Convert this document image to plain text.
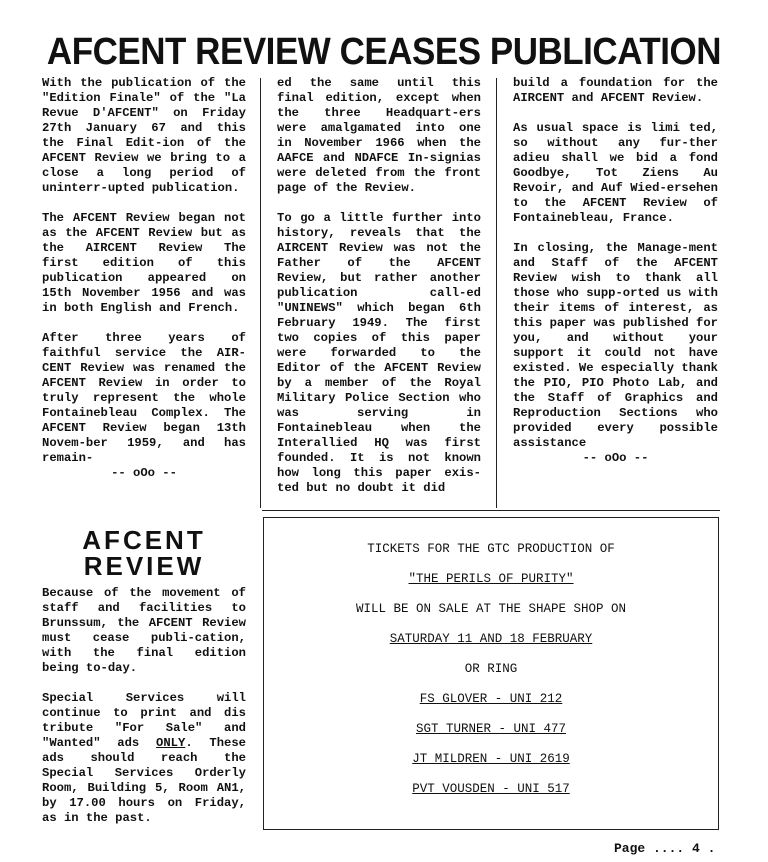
AFCENT REVIEW CEASES PUBLICATION

With the publication of the "Edition Finale" of the "La Revue D'AFCENT" on Friday 27th January 67 and this the Final Edit-ion of the AFCENT Review we bring to a close a long period of uninterr-upted publication.

The AFCENT Review began not as the AFCENT Review but as the AIRCENT Review The first edition of this publication appeared on 15th November 1956 and was in both English and French.

After three years of faithful service the AIR-CENT Review was renamed the AFCENT Review in order to truly represent the whole Fontainebleau Complex. The AFCENT Review began 13th Novem-ber 1959, and has remain-

-- oOo --

ed the same until this final edition, except when the three Headquart-ers were amalgamated into one in November 1966 when the AAFCE and NDAFCE In-signias were deleted from the front page of the Review.

To go a little further into history, reveals that the AIRCENT Review was not the Father of the AFCENT Review, but rather another publication call-ed "UNINEWS" which began 6th February 1949. The first two copies of this paper were forwarded to the Editor of the AFCENT Review by a member of the Royal Military Police Section who was serving in Fontainebleau when the Interallied HQ was first founded. It is not known how long this paper exis-ted but no doubt it did

build a foundation for the AIRCENT and AFCENT Review.

As usual space is limi ted, so without any fur-ther adieu shall we bid a fond Goodbye, Tot Ziens Au Revoir, and Auf Wied-ersehen to the AFCENT Review of Fontainebleau, France.

In closing, the Manage-ment and Staff of the AFCENT Review wish to thank all those who supp-orted us with their items of interest, as this paper was published for you, and without your support it could not have existed. We especially thank the PIO, PIO Photo Lab, and the Staff of Graphics and Reproduction Sections who provided every possible assistance

-- oOo --
AFCENT
REVIEW

Because of the movement of staff and facilities to Brunssum, the AFCENT Review must cease publi-cation, with the final edition being to-day.

Special Services will continue to print and dis tribute "For Sale" and "Wanted" ads ONLY. These ads should reach the Special Services Orderly Room, Building 5, Room AN1, by 17.00 hours on Friday, as in the past.

TICKETS FOR THE GTC PRODUCTION OF
"THE PERILS OF PURITY"
WILL BE ON SALE AT THE SHAPE SHOP ON
SATURDAY 11 AND 18 FEBRUARY
OR RING
FS GLOVER - UNI 212
SGT TURNER - UNI 477
JT MILDREN - UNI 2619
PVT VOUSDEN - UNI 517
Page .... 4 .
